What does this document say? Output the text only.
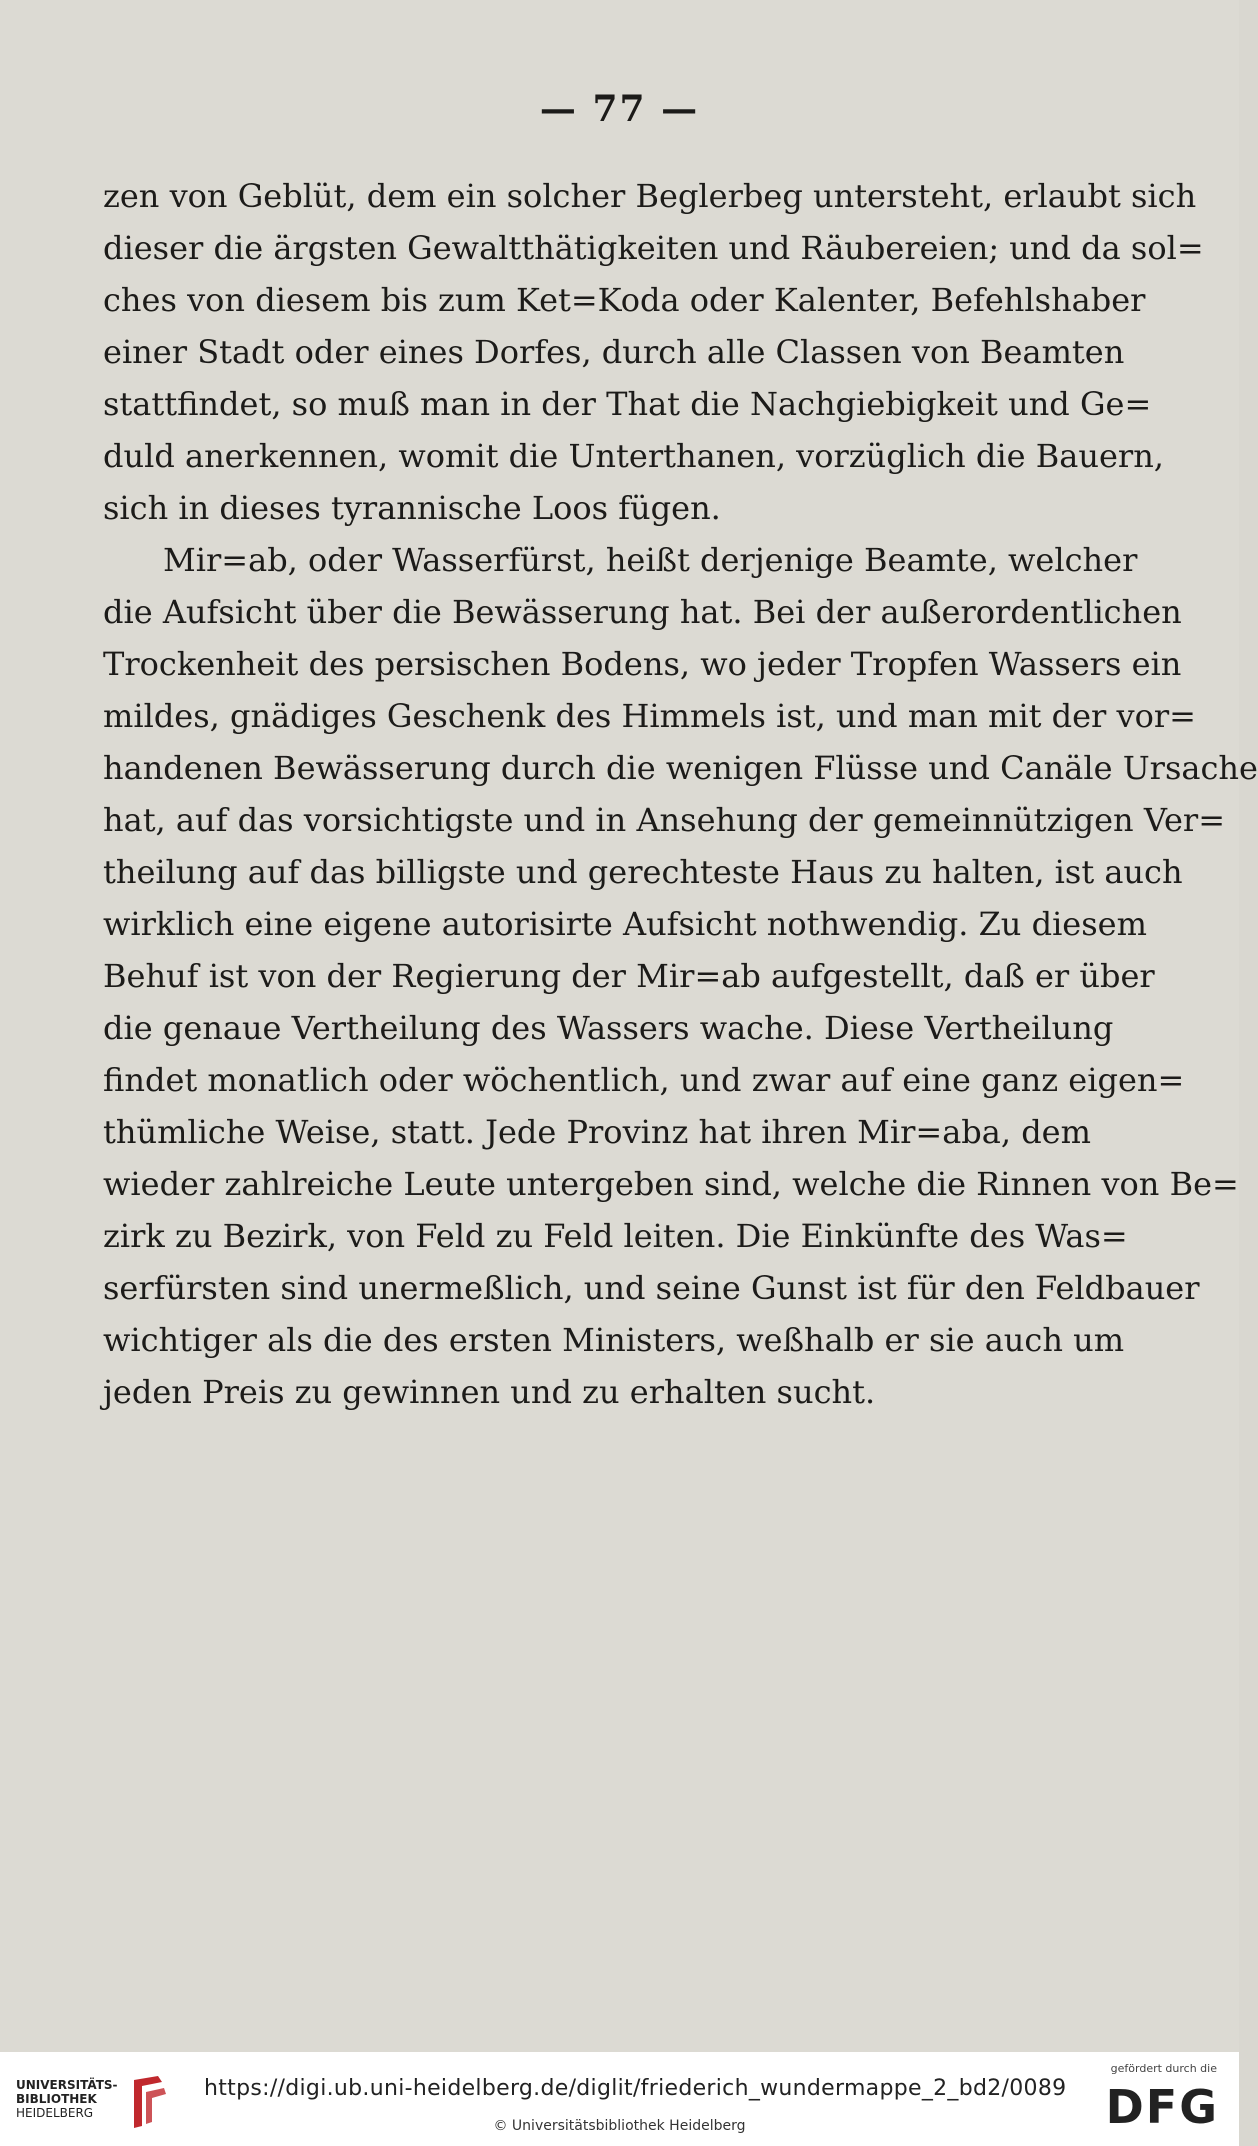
— 77 —
zen von Geblüt, dem ein solcher Beglerbeg untersteht, erlaubt sich
dieser die ärgsten Gewaltthätigkeiten und Räubereien; und da sol=
ches von diesem bis zum Ket=Koda oder Kalenter, Befehlshaber
einer Stadt oder eines Dorfes, durch alle Classen von Beamten
stattfindet, so muß man in der That die Nachgiebigkeit und Ge=
duld anerkennen, womit die Unterthanen, vorzüglich die Bauern,
sich in dieses tyrannische Loos fügen.
Mir=ab, oder Wasserfürst, heißt derjenige Beamte, welcher
die Aufsicht über die Bewässerung hat. Bei der außerordentlichen
Trockenheit des persischen Bodens, wo jeder Tropfen Wassers ein
mildes, gnädiges Geschenk des Himmels ist, und man mit der vor=
handenen Bewässerung durch die wenigen Flüsse und Canäle Ursache
hat, auf das vorsichtigste und in Ansehung der gemeinnützigen Ver=
theilung auf das billigste und gerechteste Haus zu halten, ist auch
wirklich eine eigene autorisirte Aufsicht nothwendig. Zu diesem
Behuf ist von der Regierung der Mir=ab aufgestellt, daß er über
die genaue Vertheilung des Wassers wache. Diese Vertheilung
findet monatlich oder wöchentlich, und zwar auf eine ganz eigen=
thümliche Weise, statt. Jede Provinz hat ihren Mir=aba, dem
wieder zahlreiche Leute untergeben sind, welche die Rinnen von Be=
zirk zu Bezirk, von Feld zu Feld leiten. Die Einkünfte des Was=
serfürsten sind unermeßlich, und seine Gunst ist für den Feldbauer
wichtiger als die des ersten Ministers, weßhalb er sie auch um
jeden Preis zu gewinnen und zu erhalten sucht.
UNIVERSITÄTS-
BIBLIOTHEK
HEIDELBERG
https://digi.ub.uni-heidelberg.de/diglit/friederich_wundermappe_2_bd2/0089
© Universitätsbibliothek Heidelberg
gefördert durch die
DFG
